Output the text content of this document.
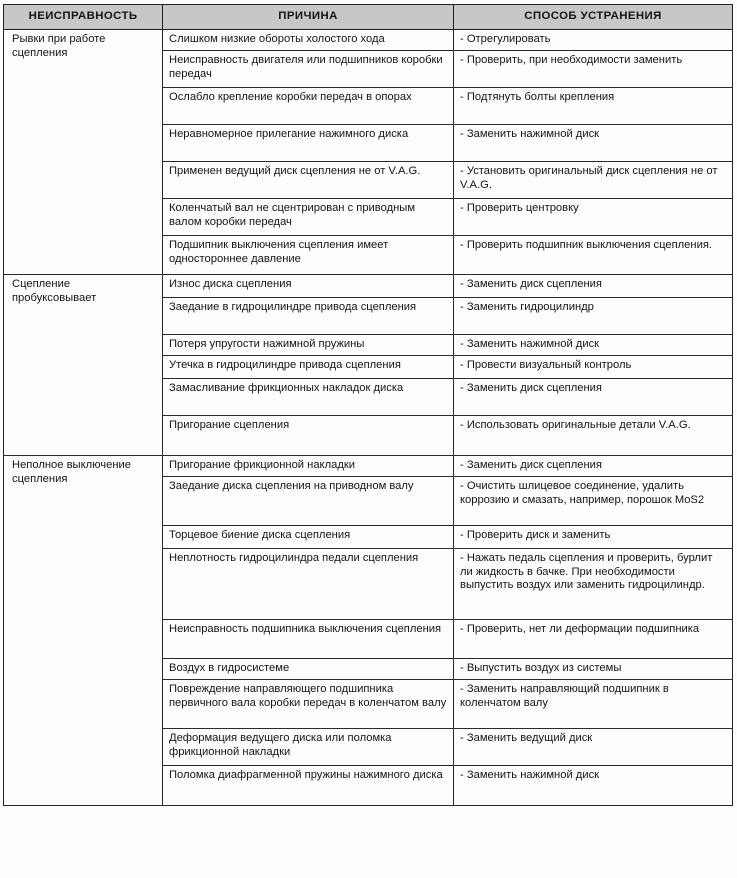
НЕИСПРАВНОСТЬ	ПРИЧИНА	СПОСОБ УСТРАНЕНИЯ
Рывки при работе сцепления	Слишком низкие обороты холостого хода	- Отрегулировать
	Неисправность двигателя или подшипников коробки передач	- Проверить, при необходимости заменить
	Ослабло крепление коробки передач в опорах	- Подтянуть болты крепления
	Неравномерное прилегание нажимного диска	- Заменить нажимной диск
	Применен ведущий диск сцепления не от V.A.G.	- Установить оригинальный диск сцепления не от V.A.G.
	Коленчатый вал не сцентрирован с приводным валом коробки передач	- Проверить центровку
	Подшипник выключения сцепления имеет одностороннее давление	- Проверить подшипник выключения сцепления.
Сцепление пробуксовывает	Износ диска сцепления	- Заменить диск сцепления
	Заедание в гидроцилиндре привода сцепления	- Заменить гидроцилиндр
	Потеря упругости нажимной пружины	- Заменить нажимной диск
	Утечка в гидроцилиндре привода сцепления	- Провести визуальный контроль
	Замасливание фрикционных накладок диска	- Заменить диск сцепления
	Пригорание сцепления	- Использовать оригинальные детали V.A.G.
Неполное выключение сцепления	Пригорание фрикционной накладки	- Заменить диск сцепления
	Заедание диска сцепления на приводном валу	- Очистить шлицевое соединение, удалить коррозию и смазать, например, порошок MoS2
	Торцевое биение диска сцепления	- Проверить диск и заменить
	Неплотность гидроцилиндра педали сцепления	- Нажать педаль сцепления и проверить, бурлит ли жидкость в бачке. При необходимости выпустить воздух или заменить гидроцилиндр.
	Неисправность подшипника выключения сцепления	- Проверить, нет ли деформации подшипника
	Воздух в гидросистеме	- Выпустить воздух из системы
	Повреждение направляющего подшипника первичного вала коробки передач в коленчатом валу	- Заменить направляющий подшипник в коленчатом валу
	Деформация ведущего диска или поломка фрикционной накладки	- Заменить ведущий диск
	Поломка диафрагменной пружины нажимного диска	- Заменить нажимной диск
